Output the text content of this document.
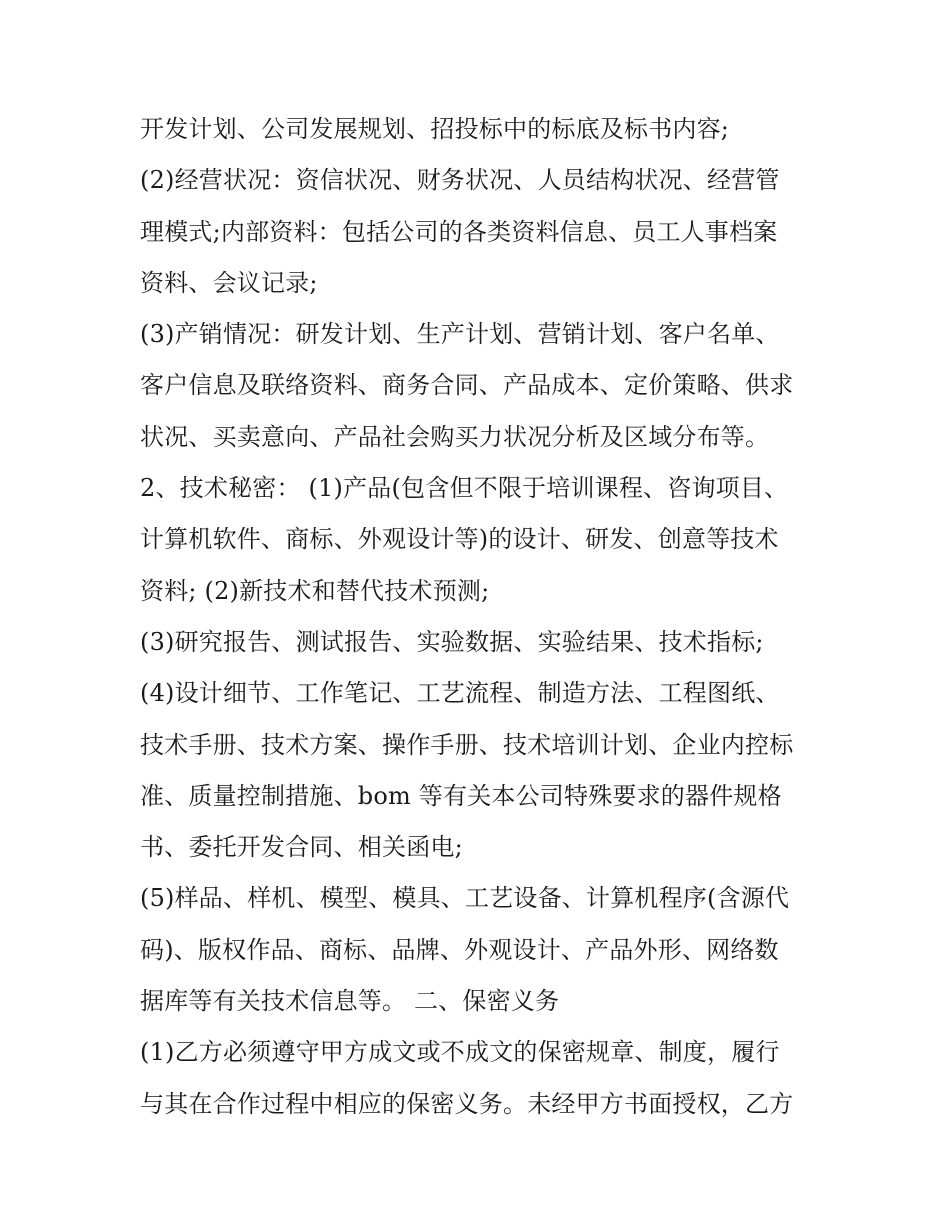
开发计划、公司发展规划、招投标中的标底及标书内容;
(2)经营状况：资信状况、财务状况、人员结构状况、经营管
理模式;内部资料：包括公司的各类资料信息、员工人事档案
资料、会议记录;
(3)产销情况：研发计划、生产计划、营销计划、客户名单、
客户信息及联络资料、商务合同、产品成本、定价策略、供求
状况、买卖意向、产品社会购买力状况分析及区域分布等。
2、技术秘密： (1)产品(包含但不限于培训课程、咨询项目、
计算机软件、商标、外观设计等)的设计、研发、创意等技术
资料; (2)新技术和替代技术预测;
(3)研究报告、测试报告、实验数据、实验结果、技术指标;
(4)设计细节、工作笔记、工艺流程、制造方法、工程图纸、
技术手册、技术方案、操作手册、技术培训计划、企业内控标
准、质量控制措施、bom 等有关本公司特殊要求的器件规格
书、委托开发合同、相关函电;
(5)样品、样机、模型、模具、工艺设备、计算机程序(含源代
码)、版权作品、商标、品牌、外观设计、产品外形、网络数
据库等有关技术信息等。 二、保密义务
(1)乙方必须遵守甲方成文或不成文的保密规章、制度，履行
与其在合作过程中相应的保密义务。未经甲方书面授权，乙方
